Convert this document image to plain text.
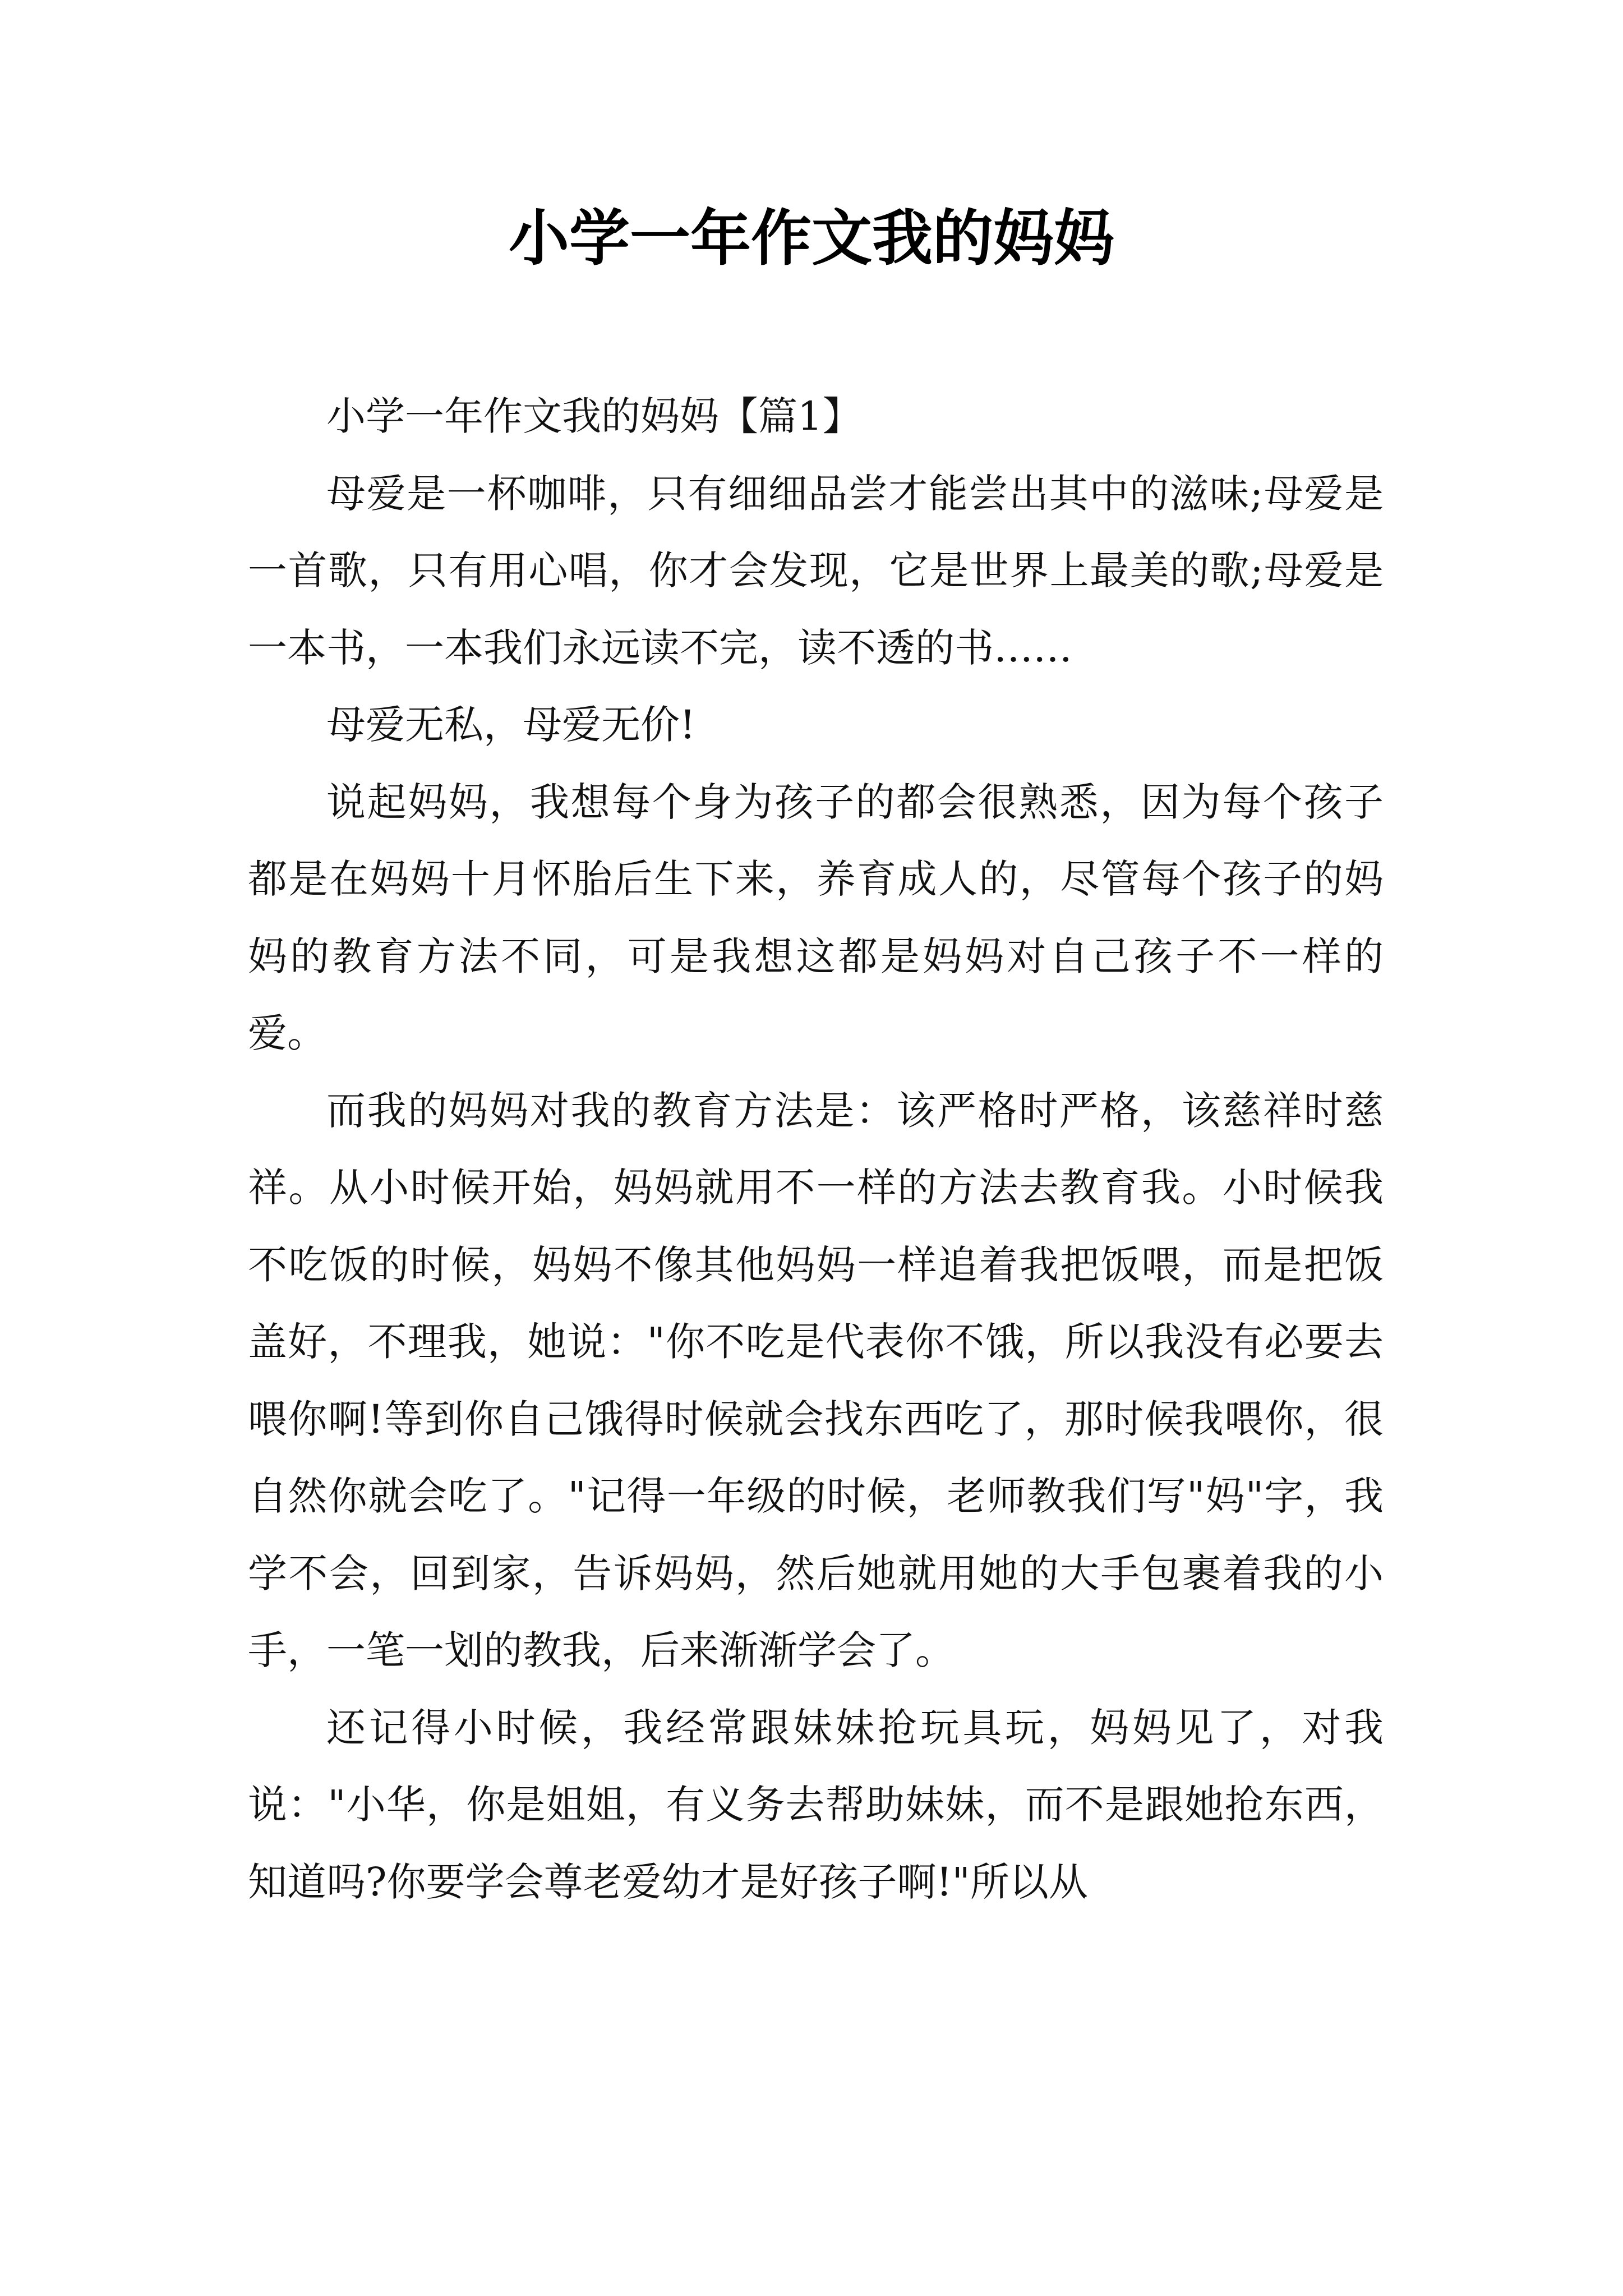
小学一年作文我的妈妈

小学一年作文我的妈妈【篇1】

母爱是一杯咖啡，只有细细品尝才能尝出其中的滋味;母爱是一首歌，只有用心唱，你才会发现，它是世界上最美的歌;母爱是一本书，一本我们永远读不完，读不透的书……

母爱无私，母爱无价!

说起妈妈，我想每个身为孩子的都会很熟悉，因为每个孩子都是在妈妈十月怀胎后生下来，养育成人的，尽管每个孩子的妈妈的教育方法不同，可是我想这都是妈妈对自己孩子不一样的爱。

而我的妈妈对我的教育方法是：该严格时严格，该慈祥时慈祥。从小时候开始，妈妈就用不一样的方法去教育我。小时候我不吃饭的时候，妈妈不像其他妈妈一样追着我把饭喂，而是把饭盖好，不理我，她说："你不吃是代表你不饿，所以我没有必要去喂你啊!等到你自己饿得时候就会找东西吃了，那时候我喂你，很自然你就会吃了。"记得一年级的时候，老师教我们写"妈"字，我学不会，回到家，告诉妈妈，然后她就用她的大手包裹着我的小手，一笔一划的教我，后来渐渐学会了。

还记得小时候，我经常跟妹妹抢玩具玩，妈妈见了，对我说："小华，你是姐姐，有义务去帮助妹妹，而不是跟她抢东西，知道吗?你要学会尊老爱幼才是好孩子啊!"所以从
